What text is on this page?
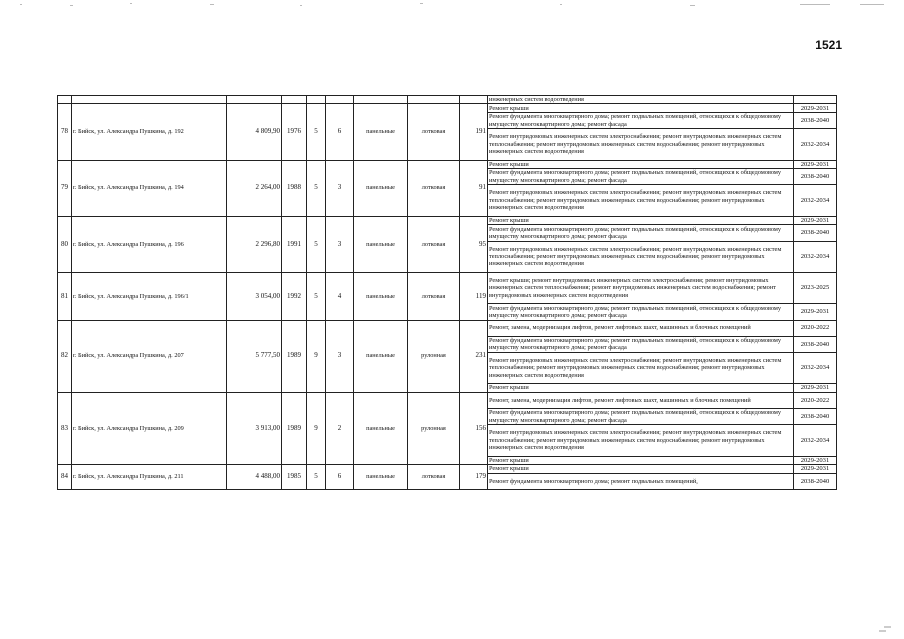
1521
									инженерных систем водоотведения	
78	г. Бийск, ул. Александра Пушкина, д. 192	4 809,90	1976	5	6	панельные	лотковая	191	Ремонт крыши	2029-2031
									Ремонт фундамента многоквартирного дома; ремонт подвальных помещений, относящихся к общедомовому имуществу многоквартирного дома; ремонт фасада	2038-2040
									Ремонт внутридомовых инженерных систем электроснабжения; ремонт внутридомовых инженерных систем теплоснабжения; ремонт внутридомовых инженерных систем водоснабжения; ремонт внутридомовых инженерных систем водоотведения	2032-2034
79	г. Бийск, ул. Александра Пушкина, д. 194	2 264,00	1988	5	3	панельные	лотковая	91	Ремонт крыши	2029-2031
									Ремонт фундамента многоквартирного дома; ремонт подвальных помещений, относящихся к общедомовому имуществу многоквартирного дома; ремонт фасада	2038-2040
									Ремонт внутридомовых инженерных систем электроснабжения; ремонт внутридомовых инженерных систем теплоснабжения; ремонт внутридомовых инженерных систем водоснабжения; ремонт внутридомовых инженерных систем водоотведения	2032-2034
80	г. Бийск, ул. Александра Пушкина, д. 196	2 296,80	1991	5	3	панельные	лотковая	95	Ремонт крыши	2029-2031
									Ремонт фундамента многоквартирного дома; ремонт подвальных помещений, относящихся к общедомовому имуществу многоквартирного дома; ремонт фасада	2038-2040
									Ремонт внутридомовых инженерных систем электроснабжения; ремонт внутридомовых инженерных систем теплоснабжения; ремонт внутридомовых инженерных систем водоснабжения; ремонт внутридомовых инженерных систем водоотведения	2032-2034
81	г. Бийск, ул. Александра Пушкина, д. 196/1	3 054,00	1992	5	4	панельные	лотковая	119	Ремонт крыши; ремонт внутридомовых инженерных систем электроснабжения; ремонт внутридомовых инженерных систем теплоснабжения; ремонт внутридомовых инженерных систем водоснабжения; ремонт внутридомовых инженерных систем водоотведения	2023-2025
									Ремонт фундамента многоквартирного дома; ремонт подвальных помещений, относящихся к общедомовому имуществу многоквартирного дома; ремонт фасада	2029-2031
82	г. Бийск, ул. Александра Пушкина, д. 207	5 777,50	1989	9	3	панельные	рулонная	231	Ремонт, замена, модернизация лифтов, ремонт лифтовых шахт, машинных и блочных помещений	2020-2022
									Ремонт фундамента многоквартирного дома; ремонт подвальных помещений, относящихся к общедомовому имуществу многоквартирного дома; ремонт фасада	2038-2040
									Ремонт внутридомовых инженерных систем электроснабжения; ремонт внутридомовых инженерных систем теплоснабжения; ремонт внутридомовых инженерных систем водоснабжения; ремонт внутридомовых инженерных систем водоотведения	2032-2034
									Ремонт крыши	2029-2031
83	г. Бийск, ул. Александра Пушкина, д. 209	3 913,00	1989	9	2	панельные	рулонная	156	Ремонт, замена, модернизация лифтов, ремонт лифтовых шахт, машинных и блочных помещений	2020-2022
									Ремонт фундамента многоквартирного дома; ремонт подвальных помещений, относящихся к общедомовому имуществу многоквартирного дома; ремонт фасада	2038-2040
									Ремонт внутридомовых инженерных систем электроснабжения; ремонт внутридомовых инженерных систем теплоснабжения; ремонт внутридомовых инженерных систем водоснабжения; ремонт внутридомовых инженерных систем водоотведения	2032-2034
									Ремонт крыши	2029-2031
84	г. Бийск, ул. Александра Пушкина, д. 211	4 488,00	1985	5	6	панельные	лотковая	179	Ремонт крыши	2029-2031
									Ремонт фундамента многоквартирного дома; ремонт подвальных помещений,	2038-2040
